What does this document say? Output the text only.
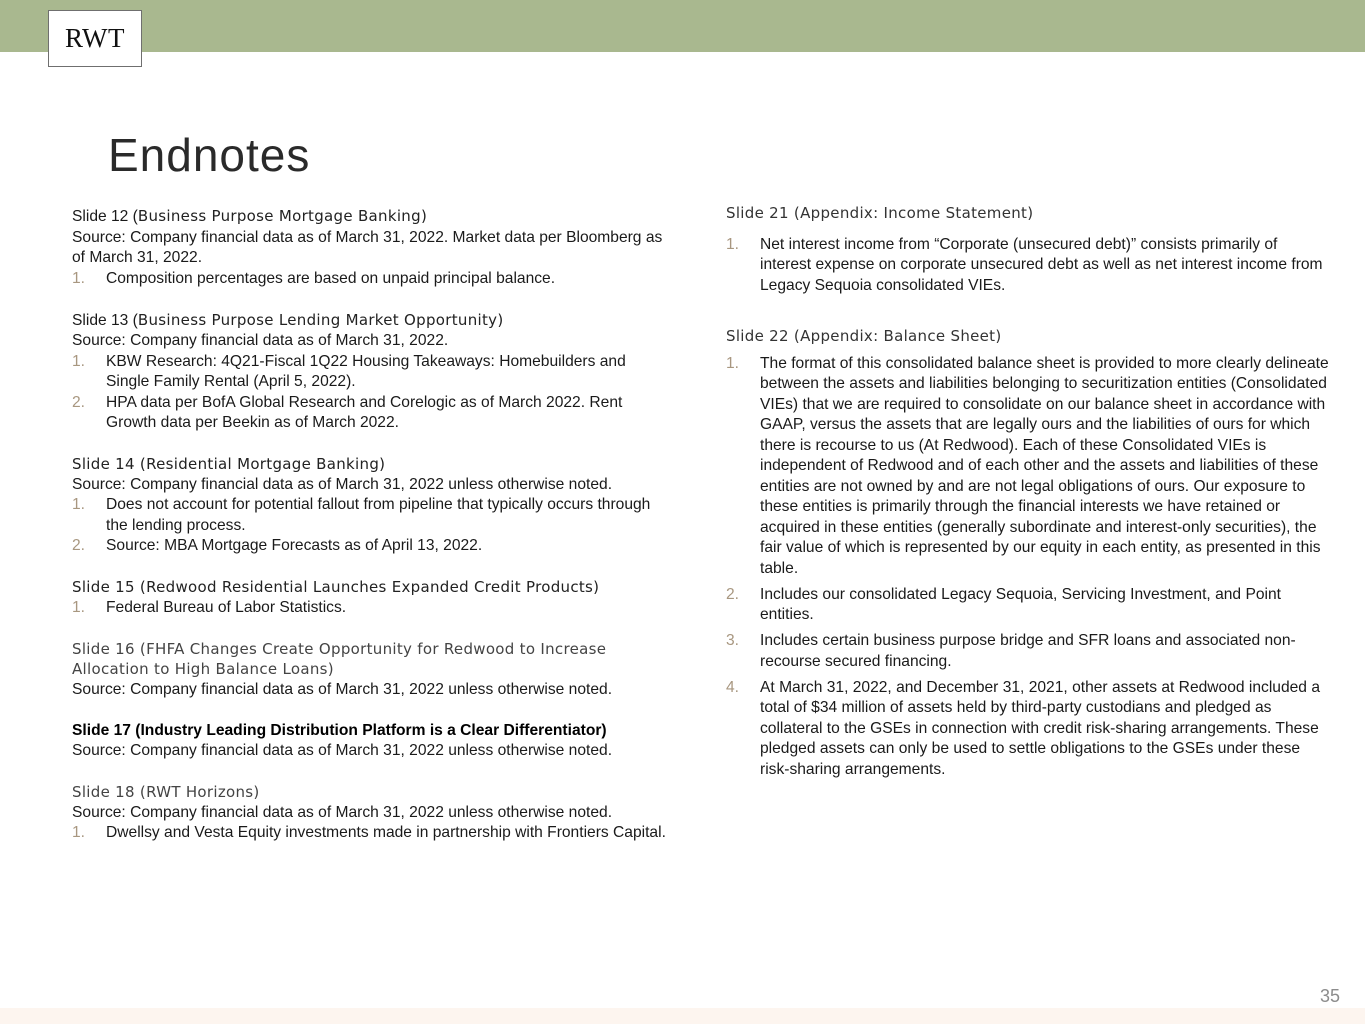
RWT
Endnotes
Slide 12 (Business Purpose Mortgage Banking)
Source: Company financial data as of March 31, 2022. Market data per Bloomberg as of March 31, 2022.
1. Composition percentages are based on unpaid principal balance.
Slide 13 (Business Purpose Lending Market Opportunity)
Source: Company financial data as of March 31, 2022.
1. KBW Research: 4Q21-Fiscal 1Q22 Housing Takeaways: Homebuilders and Single Family Rental (April 5, 2022).
2. HPA data per BofA Global Research and Corelogic as of March 2022. Rent Growth data per Beekin as of March 2022.
Slide 14 (Residential Mortgage Banking)
Source: Company financial data as of March 31, 2022 unless otherwise noted.
1. Does not account for potential fallout from pipeline that typically occurs through the lending process.
2. Source: MBA Mortgage Forecasts as of April 13, 2022.
Slide 15 (Redwood Residential Launches Expanded Credit Products)
1. Federal Bureau of Labor Statistics.
Slide 16 (FHFA Changes Create Opportunity for Redwood to Increase Allocation to High Balance Loans)
Source: Company financial data as of March 31, 2022 unless otherwise noted.
Slide 17 (Industry Leading Distribution Platform is a Clear Differentiator)
Source: Company financial data as of March 31, 2022 unless otherwise noted.
Slide 18 (RWT Horizons)
Source: Company financial data as of March 31, 2022 unless otherwise noted.
1. Dwellsy and Vesta Equity investments made in partnership with Frontiers Capital.
Slide 21 (Appendix: Income Statement)
1. Net interest income from “Corporate (unsecured debt)” consists primarily of interest expense on corporate unsecured debt as well as net interest income from Legacy Sequoia consolidated VIEs.
Slide 22 (Appendix: Balance Sheet)
1. The format of this consolidated balance sheet is provided to more clearly delineate between the assets and liabilities belonging to securitization entities (Consolidated VIEs) that we are required to consolidate on our balance sheet in accordance with GAAP, versus the assets that are legally ours and the liabilities of ours for which there is recourse to us (At Redwood). Each of these Consolidated VIEs is independent of Redwood and of each other and the assets and liabilities of these entities are not owned by and are not legal obligations of ours. Our exposure to these entities is primarily through the financial interests we have retained or acquired in these entities (generally subordinate and interest-only securities), the fair value of which is represented by our equity in each entity, as presented in this table.
2. Includes our consolidated Legacy Sequoia, Servicing Investment, and Point entities.
3. Includes certain business purpose bridge and SFR loans and associated non-recourse secured financing.
4. At March 31, 2022, and December 31, 2021, other assets at Redwood included a total of $34 million of assets held by third-party custodians and pledged as collateral to the GSEs in connection with credit risk-sharing arrangements. These pledged assets can only be used to settle obligations to the GSEs under these risk-sharing arrangements.
35
